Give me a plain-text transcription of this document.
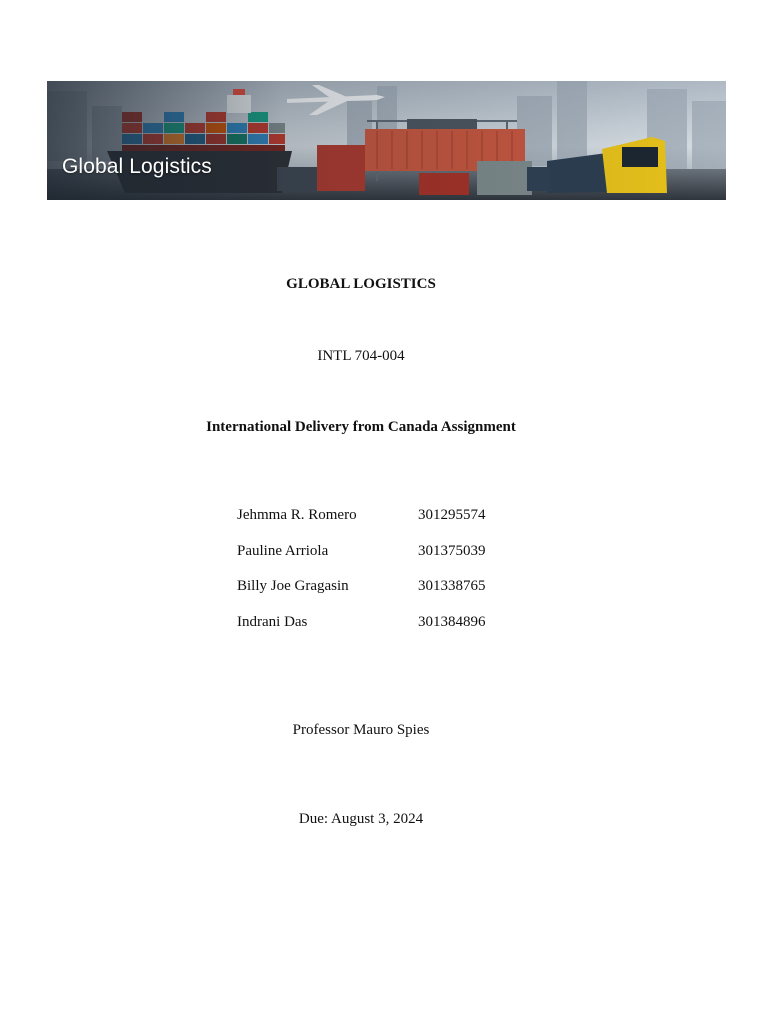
Global Logistics
GLOBAL LOGISTICS
INTL 704-004
International Delivery from Canada Assignment
Jehmma R. Romero	301295574
Pauline Arriola	301375039
Billy Joe Gragasin	301338765
Indrani Das	301384896
Professor Mauro Spies
Due: August 3, 2024
